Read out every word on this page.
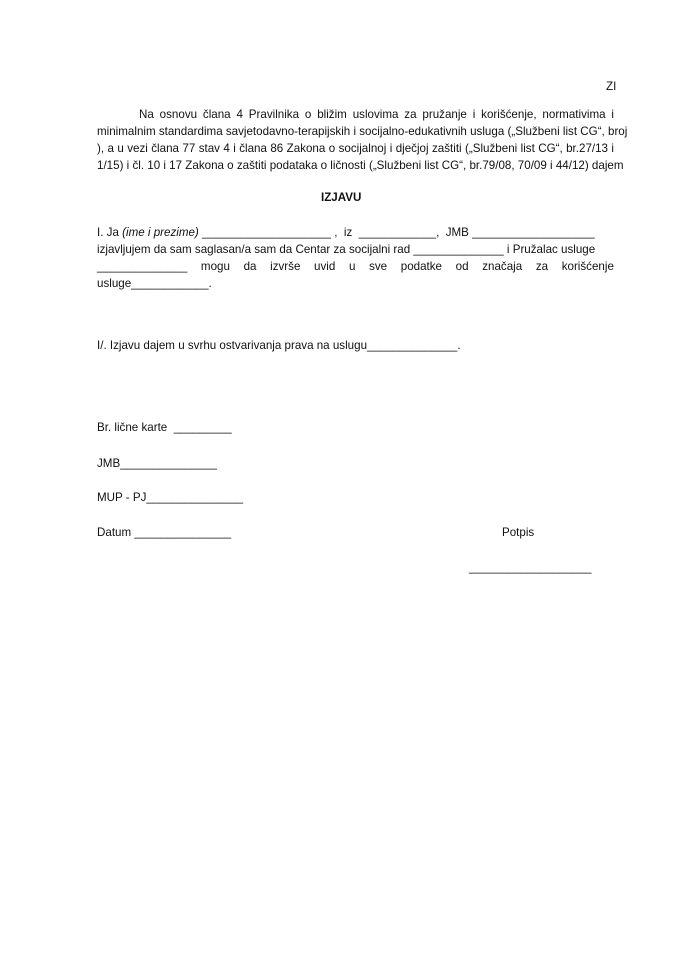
ZI
Na osnovu člana 4 Pravilnika o bližim uslovima za pružanje i korišćenje, normativima i
minimalnim standardima savjetodavno-terapijskih i socijalno-edukativnih usluga („Službeni list CG“, broj
), a u vezi člana 77 stav 4 i člana 86 Zakona o socijalnoj i dječjoj zaštiti („Službeni list CG“, br.27/13 i
1/15) i čl. 10 i 17 Zakona o zaštiti podataka o ličnosti („Službeni list CG“, br.79/08, 70/09 i 44/12) dajem
IZJAVU
I. Ja (ime i prezime) ____________________ ,  iz  ____________,  JMB ___________________
izjavljujem da sam saglasan/a sam da Centar za socijalni rad ______________ i Pružalac usluge
______________ mogu da izvrše uvid u sve podatke od značaja za korišćenje
usluge____________.
I/. Izjavu dajem u svrhu ostvarivanja prava na uslugu______________.
Br. lične karte  _________
JMB_______________
MUP - PJ_______________
Datum _______________	Potpis
___________________
